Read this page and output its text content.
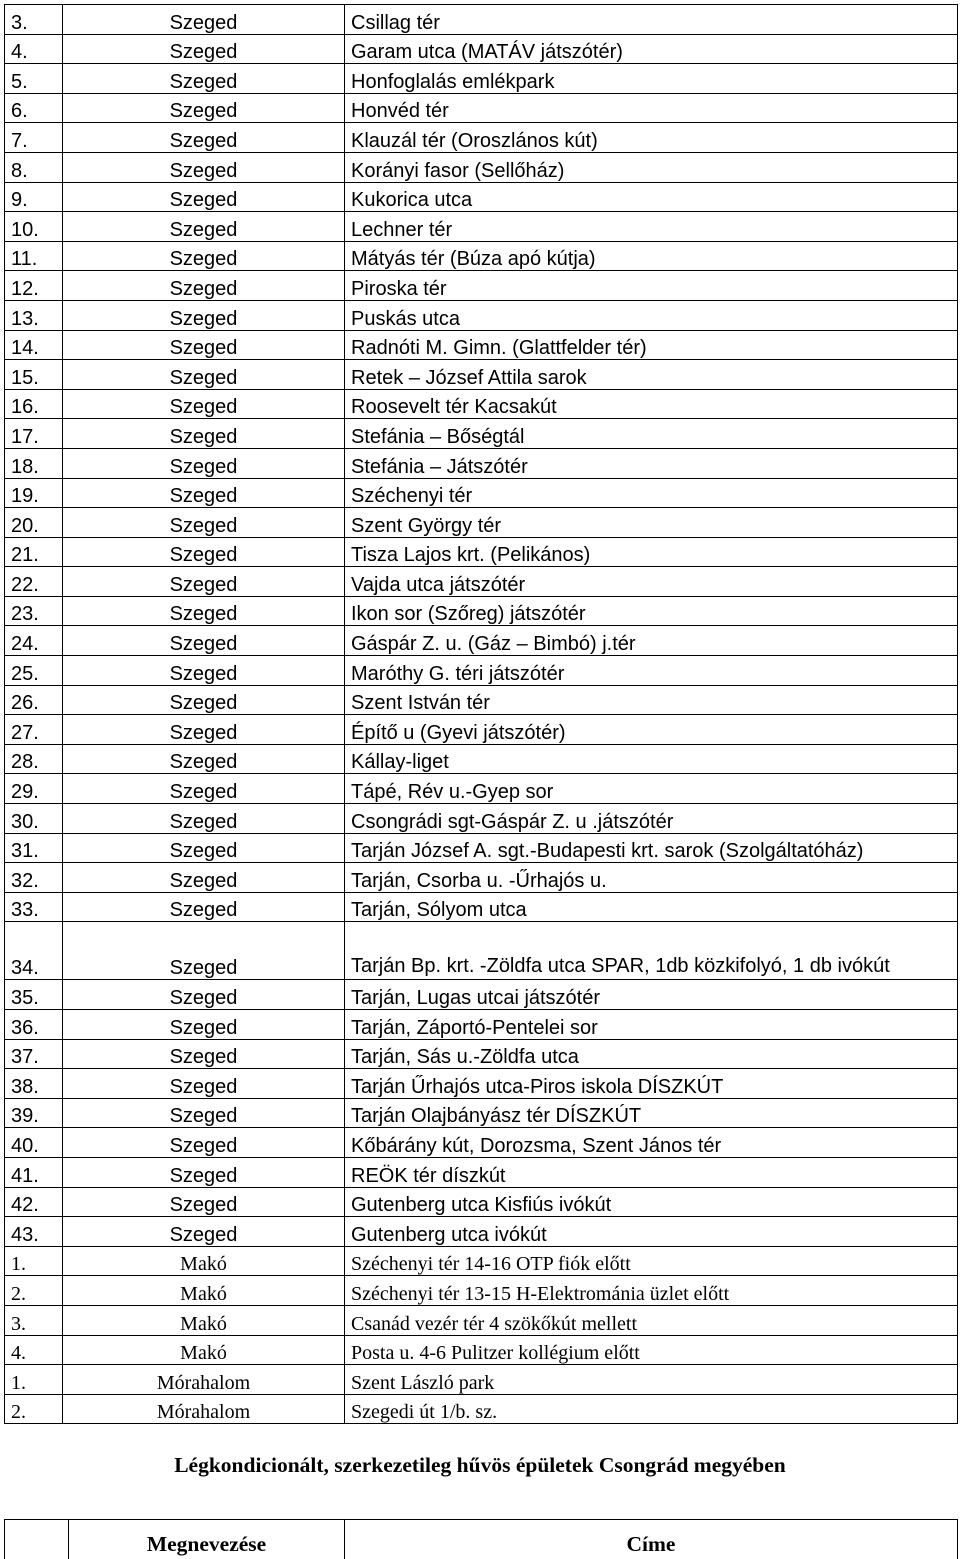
3.	Szeged	Csillag tér
4.	Szeged	Garam utca (MATÁV játszótér)
5.	Szeged	Honfoglalás emlékpark
6.	Szeged	Honvéd tér
7.	Szeged	Klauzál tér (Oroszlános kút)
8.	Szeged	Korányi fasor (Sellőház)
9.	Szeged	Kukorica utca
10.	Szeged	Lechner tér
11.	Szeged	Mátyás tér (Búza apó kútja)
12.	Szeged	Piroska tér
13.	Szeged	Puskás utca
14.	Szeged	Radnóti M. Gimn. (Glattfelder tér)
15.	Szeged	Retek – József Attila sarok
16.	Szeged	Roosevelt tér Kacsakút
17.	Szeged	Stefánia – Bőségtál
18.	Szeged	Stefánia – Játszótér
19.	Szeged	Széchenyi tér
20.	Szeged	Szent György tér
21.	Szeged	Tisza Lajos krt. (Pelikános)
22.	Szeged	Vajda utca játszótér
23.	Szeged	Ikon sor (Szőreg) játszótér
24.	Szeged	Gáspár Z. u. (Gáz – Bimbó) j.tér
25.	Szeged	Maróthy G. téri játszótér
26.	Szeged	Szent István tér
27.	Szeged	Építő u (Gyevi játszótér)
28.	Szeged	Kállay-liget
29.	Szeged	Tápé, Rév u.-Gyep sor
30.	Szeged	Csongrádi sgt-Gáspár Z. u .játszótér
31.	Szeged	Tarján József A. sgt.-Budapesti krt. sarok (Szolgáltatóház)
32.	Szeged	Tarján, Csorba u. -Űrhajós u.
33.	Szeged	Tarján, Sólyom utca
34.	Szeged	Tarján Bp. krt. -Zöldfa utca SPAR, 1db közkifolyó, 1 db ivókút
35.	Szeged	Tarján, Lugas utcai játszótér
36.	Szeged	Tarján, Záportó-Pentelei sor
37.	Szeged	Tarján, Sás u.-Zöldfa utca
38.	Szeged	Tarján Űrhajós utca-Piros iskola DÍSZKÚT
39.	Szeged	Tarján Olajbányász tér DÍSZKÚT
40.	Szeged	Kőbárány kút, Dorozsma, Szent János tér
41.	Szeged	REÖK tér díszkút
42.	Szeged	Gutenberg utca Kisfiús ivókút
43.	Szeged	Gutenberg utca ivókút
1.	Makó	Széchenyi tér 14-16 OTP fiók előtt
2.	Makó	Széchenyi tér 13-15 H-Elektrománia üzlet előtt
3.	Makó	Csanád vezér tér 4 szökőkút mellett
4.	Makó	Posta u. 4-6 Pulitzer kollégium előtt
1.	Mórahalom	Szent László park
2.	Mórahalom	Szegedi út 1/b. sz.
Légkondicionált, szerkezetileg hűvös épületek Csongrád megyében
	Megnevezése	Címe
